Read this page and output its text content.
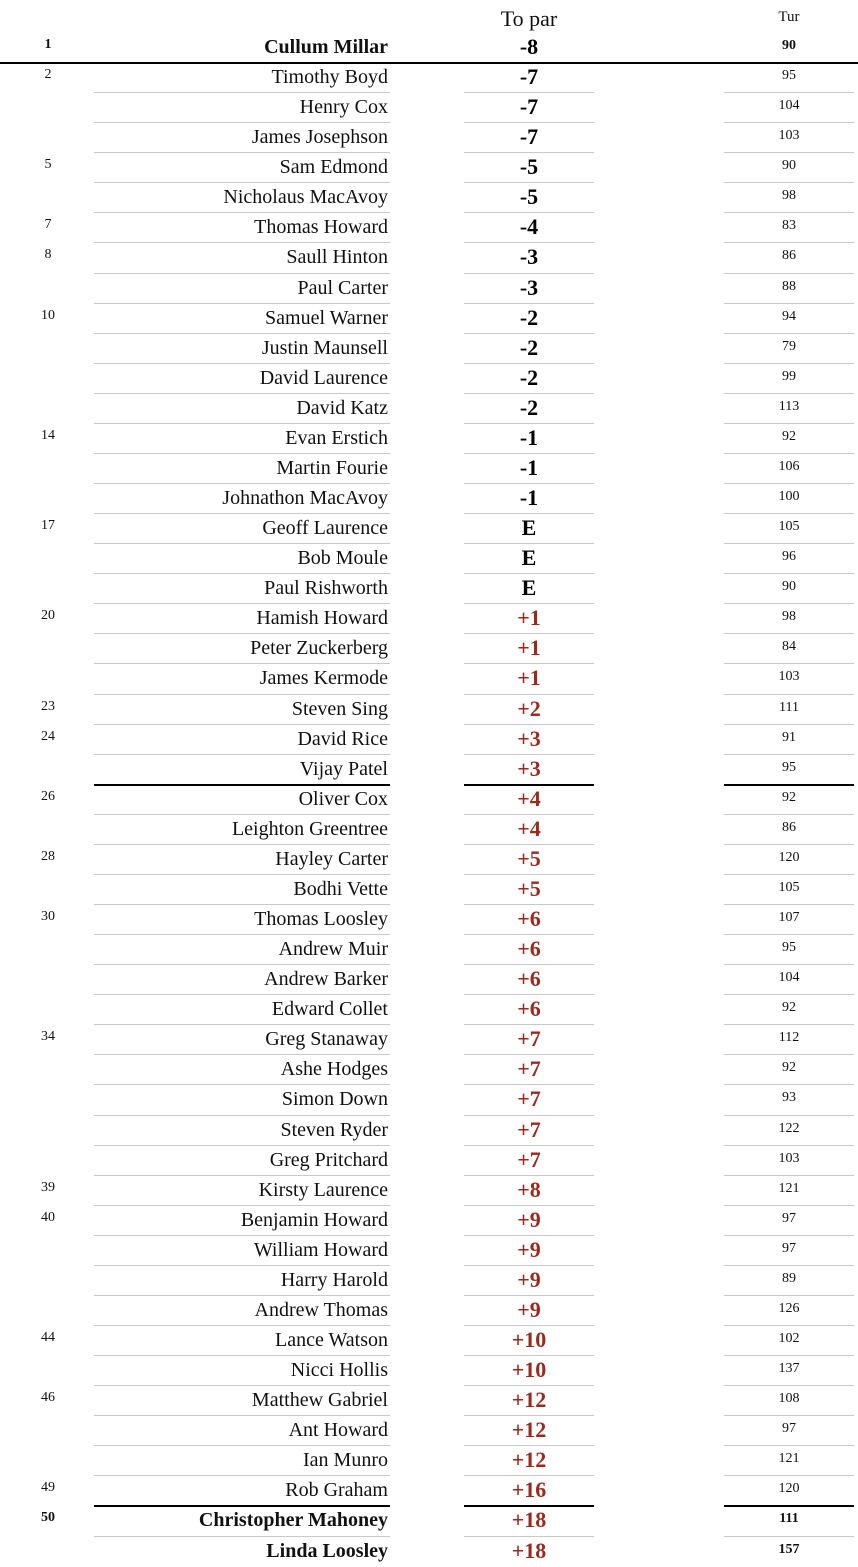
To par	Tur
1	Cullum Millar	-8	90
2	Timothy Boyd	-7	95
Henry Cox	-7	104
James Josephson	-7	103
5	Sam Edmond	-5	90
Nicholaus MacAvoy	-5	98
7	Thomas Howard	-4	83
8	Saull Hinton	-3	86
Paul Carter	-3	88
10	Samuel Warner	-2	94
Justin Maunsell	-2	79
David Laurence	-2	99
David Katz	-2	113
14	Evan Erstich	-1	92
Martin Fourie	-1	106
Johnathon MacAvoy	-1	100
17	Geoff Laurence	E	105
Bob Moule	E	96
Paul Rishworth	E	90
20	Hamish Howard	+1	98
Peter Zuckerberg	+1	84
James Kermode	+1	103
23	Steven Sing	+2	111
24	David Rice	+3	91
Vijay Patel	+3	95
26	Oliver Cox	+4	92
Leighton Greentree	+4	86
28	Hayley Carter	+5	120
Bodhi Vette	+5	105
30	Thomas Loosley	+6	107
Andrew Muir	+6	95
Andrew Barker	+6	104
Edward Collet	+6	92
34	Greg Stanaway	+7	112
Ashe Hodges	+7	92
Simon Down	+7	93
Steven Ryder	+7	122
Greg Pritchard	+7	103
39	Kirsty Laurence	+8	121
40	Benjamin Howard	+9	97
William Howard	+9	97
Harry Harold	+9	89
Andrew Thomas	+9	126
44	Lance Watson	+10	102
Nicci Hollis	+10	137
46	Matthew Gabriel	+12	108
Ant Howard	+12	97
Ian Munro	+12	121
49	Rob Graham	+16	120
50	Christopher Mahoney	+18	111
Linda Loosley	+18	157
